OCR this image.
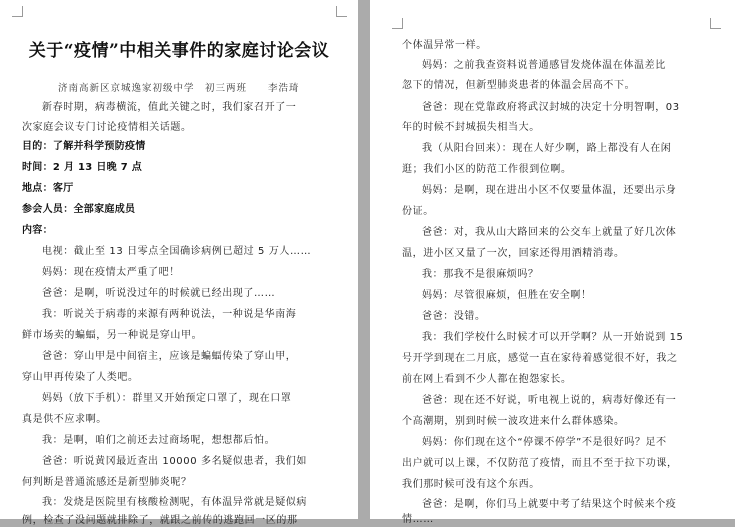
关于“疫情”中相关事件的家庭讨论会议
济南高新区京城逸家初级中学　初三两班　　李浩琦
新春时期，病毒横流，值此关键之时，我们家召开了一
次家庭会议专门讨论疫情相关话题。
目的：了解并科学预防疫情
时间：2 月 13 日晚 7 点
地点：客厅
参会人员：全部家庭成员
内容：
电视：截止至 13 日零点全国确诊病例已超过 5 万人……
妈妈：现在疫情太严重了吧！
爸爸：是啊，听说没过年的时候就已经出现了……
我：听说关于病毒的来源有两种说法，一种说是华南海
鲜市场卖的蝙蝠，另一种说是穿山甲。
爸爸：穿山甲是中间宿主，应该是蝙蝠传染了穿山甲，
穿山甲再传染了人类吧。
妈妈（放下手机）：群里又开始预定口罩了，现在口罩
真是供不应求啊。
我：是啊，咱们之前还去过商场呢，想想都后怕。
爸爸：听说黄冈最近查出 10000 多名疑似患者，我们如
何判断是普通流感还是新型肺炎呢？
我：发烧是医院里有核酸检测呢，有体温异常就是疑似病
例，检查了没问题就排除了，就跟之前传的逃跑回一区的那
个体温异常一样。
妈妈：之前我查资料说普通感冒发烧体温在体温差比
忽下的情况，但新型肺炎患者的体温会居高不下。
爸爸：现在党靠政府将武汉封城的决定十分明智啊，03
年的时候不封城损失相当大。
我（从阳台回来）：现在人好少啊，路上都没有人在闲
逛；我们小区的防范工作很到位啊。
妈妈：是啊，现在进出小区不仅要量体温，还要出示身
份证。
爸爸：对，我从山大路回来的公交车上就量了好几次体
温，进小区又量了一次，回家还得用酒精消毒。
我：那我不是很麻烦吗？
妈妈：尽管很麻烦，但胜在安全啊！
爸爸：没错。
我：我们学校什么时候才可以开学啊？从一开始说到 15
号开学到现在二月底，感觉一直在家待着感觉很不好，我之
前在网上看到不少人都在抱怨家长。
爸爸：现在还不好说，听电视上说的，病毒好像还有一
个高潮期，别到时候一波攻进来什么群体感染。
妈妈：你们现在这个“停课不停学”不是很好吗？足不
出户就可以上课，不仅防范了疫情，而且不至于拉下功课，
我们那时候可没有这个东西。
爸爸：是啊，你们马上就要中考了结果这个时候来个疫
情……
